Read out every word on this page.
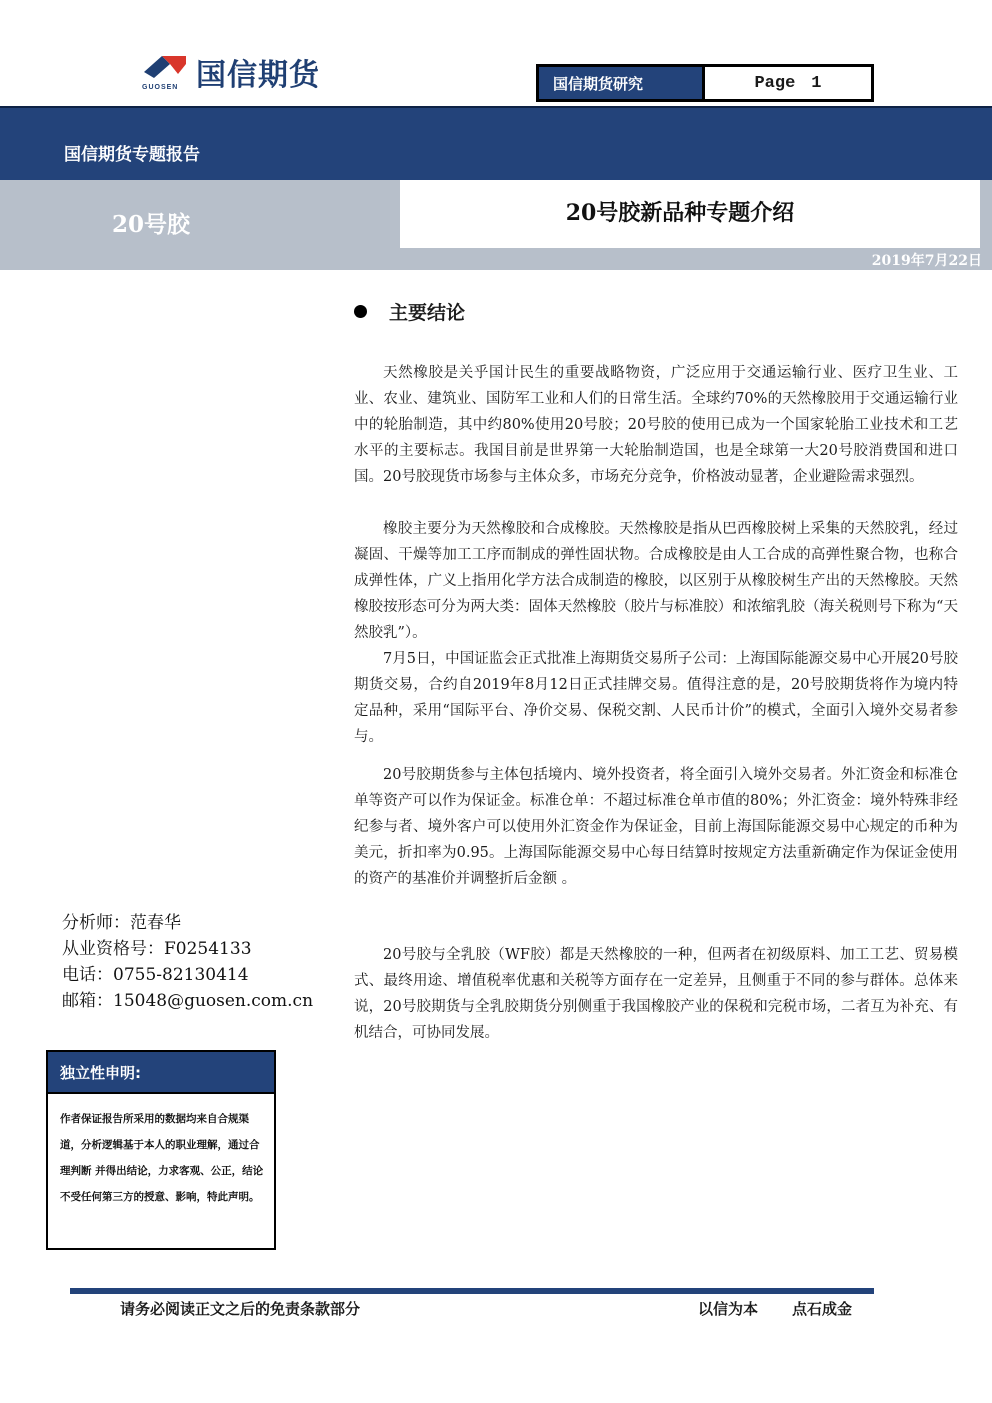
GUOSEN 国信期货	国信期货研究	Page 1
国信期货专题报告
20号胶	20号胶新品种专题介绍
2019年7月22日
主要结论

天然橡胶是关乎国计民生的重要战略物资，广泛应用于交通运输行业、医疗卫生业、工业、农业、建筑业、国防军工业和人们的日常生活。全球约70%的天然橡胶用于交通运输行业中的轮胎制造，其中约80%使用20号胶；20号胶的使用已成为一个国家轮胎工业技术和工艺水平的主要标志。我国目前是世界第一大轮胎制造国，也是全球第一大20号胶消费国和进口国。20号胶现货市场参与主体众多，市场充分竞争，价格波动显著，企业避险需求强烈。

橡胶主要分为天然橡胶和合成橡胶。天然橡胶是指从巴西橡胶树上采集的天然胶乳，经过凝固、干燥等加工工序而制成的弹性固状物。合成橡胶是由人工合成的高弹性聚合物，也称合成弹性体，广义上指用化学方法合成制造的橡胶，以区别于从橡胶树生产出的天然橡胶。天然橡胶按形态可分为两大类：固体天然橡胶（胶片与标准胶）和浓缩乳胶（海关税则号下称为“天然胶乳”）。

7月5日，中国证监会正式批准上海期货交易所子公司：上海国际能源交易中心开展20号胶期货交易，合约自2019年8月12日正式挂牌交易。值得注意的是，20号胶期货将作为境内特定品种，采用“国际平台、净价交易、保税交割、人民币计价”的模式，全面引入境外交易者参与。

20号胶期货参与主体包括境内、境外投资者，将全面引入境外交易者。外汇资金和标准仓单等资产可以作为保证金。标准仓单：不超过标准仓单市值的80%；外汇资金：境外特殊非经纪参与者、境外客户可以使用外汇资金作为保证金，目前上海国际能源交易中心规定的币种为美元，折扣率为0.95。上海国际能源交易中心每日结算时按规定方法重新确定作为保证金使用的资产的基准价并调整折后金额 。

20号胶与全乳胶（WF胶）都是天然橡胶的一种，但两者在初级原料、加工工艺、贸易模式、最终用途、增值税率优惠和关税等方面存在一定差异，且侧重于不同的参与群体。总体来说，20号胶期货与全乳胶期货分别侧重于我国橡胶产业的保税和完税市场，二者互为补充、有机结合，可协同发展。

分析师：范春华
从业资格号：F0254133
电话：0755-82130414
邮箱：15048@guosen.com.cn
独立性申明:
作者保证报告所采用的数据均来自合规渠道，分析逻辑基于本人的职业理解，通过合理判断 并得出结论，力求客观、公正，结论不受任何第三方的授意、影响，特此声明。
请务必阅读正文之后的免责条款部分	以信为本 点石成金
